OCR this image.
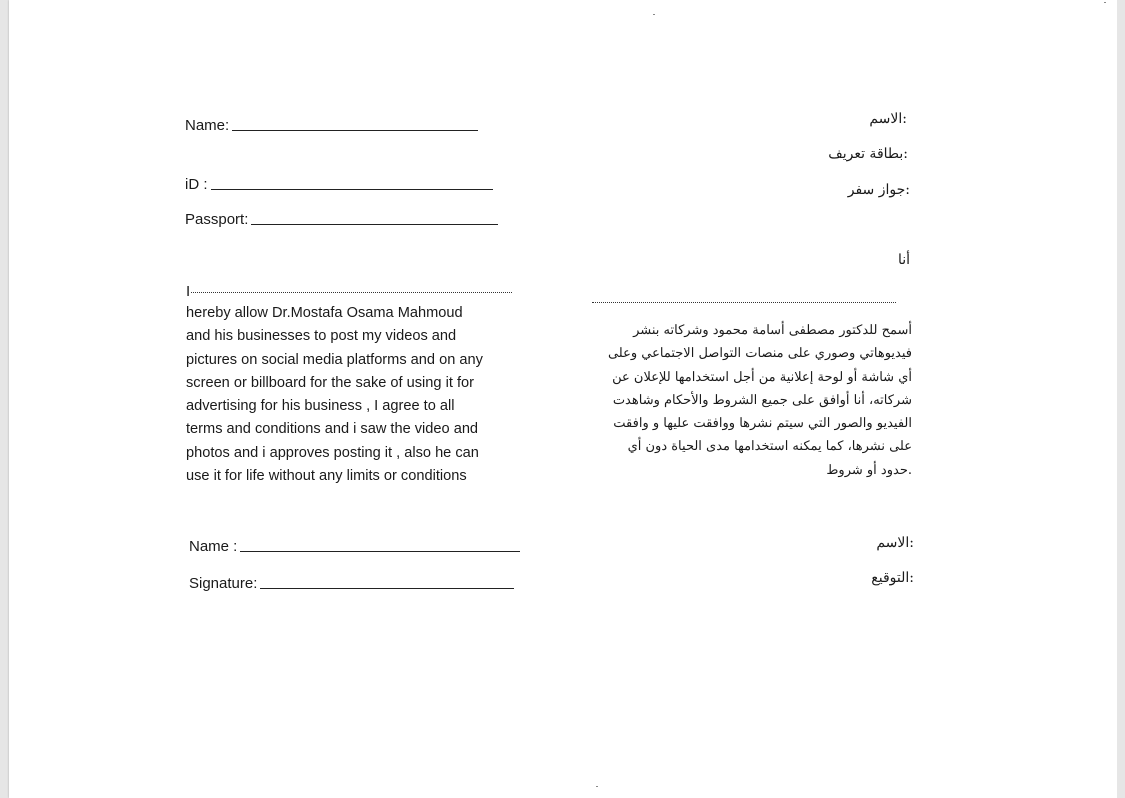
Name:
iD :
Passport:
I
hereby allow Dr.Mostafa Osama Mahmoud
and his businesses to post my videos and
pictures on social media platforms and on any
screen or billboard for the sake of using it for
advertising for his business , I agree to all
terms and conditions and i saw the video and
photos and i approves posting it , also he can
use it for life without any limits or conditions
Name :
Signature:
:الاسم
:بطاقة تعريف
:جواز سفر
أنا
أسمح للدكتور مصطفى أسامة محمود وشركاته بنشر
فيديوهاتي وصوري على منصات التواصل الاجتماعي وعلى
أي شاشة أو لوحة إعلانية من أجل استخدامها للإعلان عن
شركاته، أنا أوافق على جميع الشروط والأحكام وشاهدت
الفيديو والصور التي سيتم نشرها ووافقت عليها و وافقت
على نشرها، كما يمكنه استخدامها مدى الحياة دون أي
.حدود أو شروط
:الاسم
:التوقيع
